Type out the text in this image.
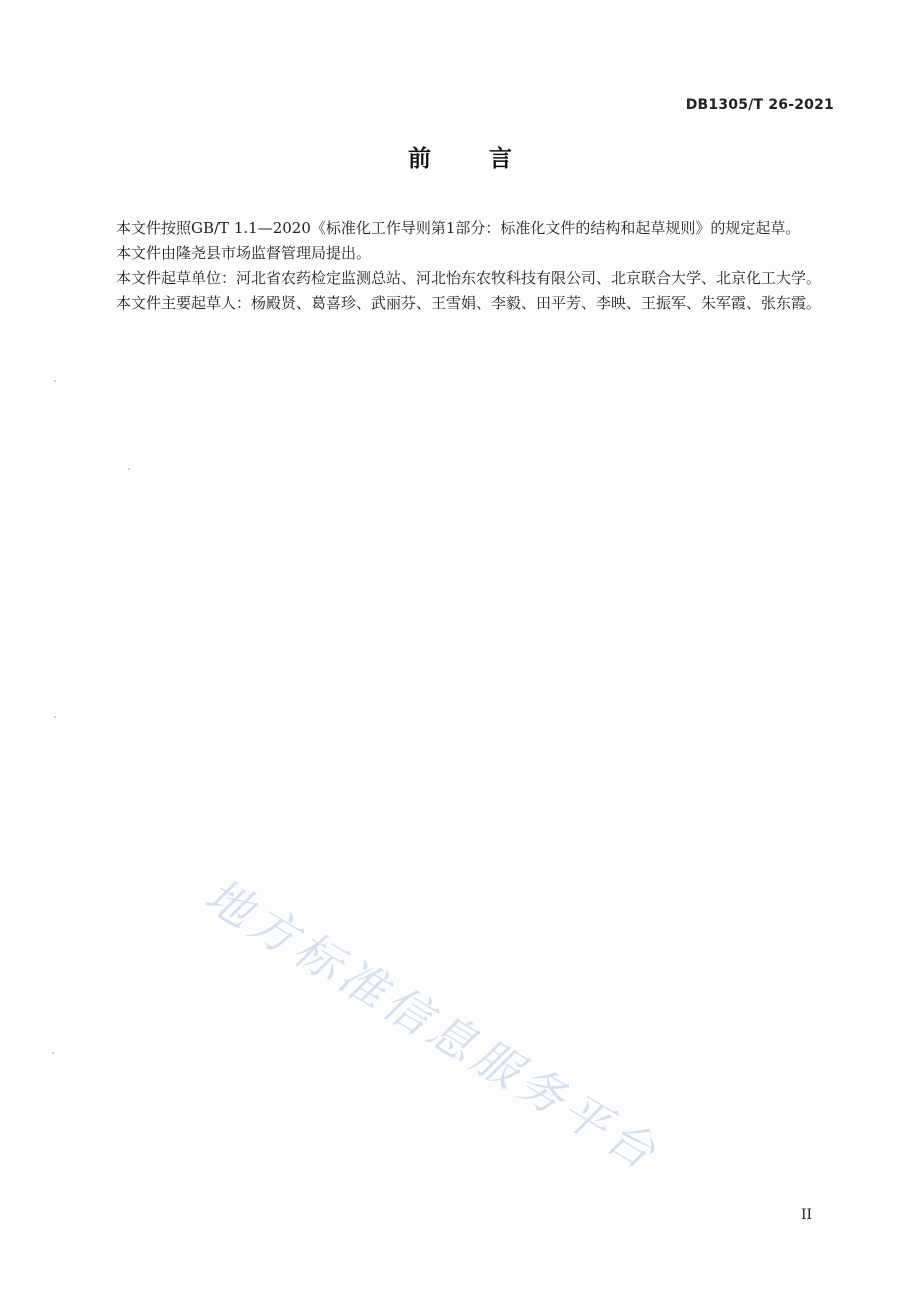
DB1305/T 26-2021
前言

本文件按照GB/T 1.1—2020《标准化工作导则第1部分：标准化文件的结构和起草规则》的规定起草。

本文件由隆尧县市场监督管理局提出。

本文件起草单位：河北省农药检定监测总站、河北怡东农牧科技有限公司、北京联合大学、北京化工大学。

本文件主要起草人：杨殿贤、葛喜珍、武丽芬、王雪娟、李毅、田平芳、李映、王振军、朱军霞、张东霞。

地方标准信息服务平台
II
